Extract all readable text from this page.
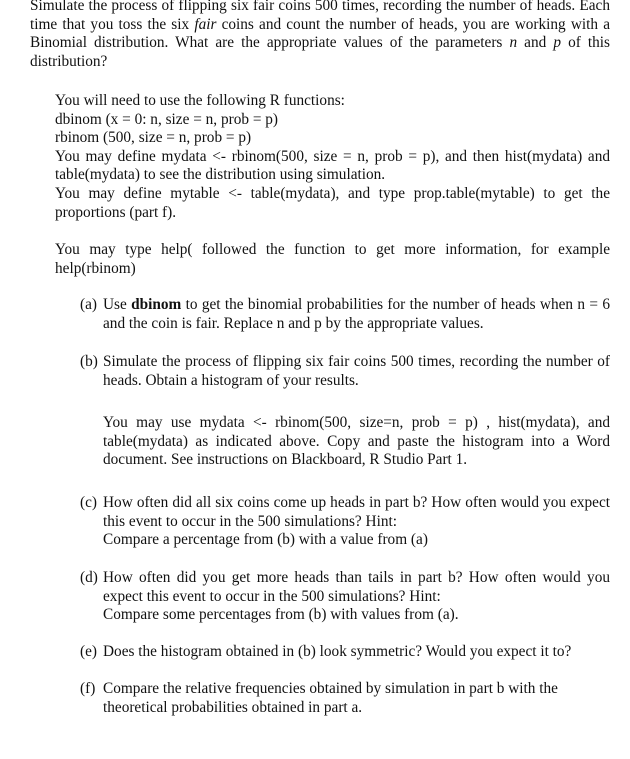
Simulate the process of flipping six fair coins 500 times, recording the number of heads. Each time that you toss the six fair coins and count the number of heads, you are working with a Binomial distribution. What are the appropriate values of the parameters n and p of this distribution?

You will need to use the following R functions:

dbinom (x = 0: n, size = n, prob = p)

rbinom (500, size = n, prob = p)

You may define mydata <- rbinom(500, size = n, prob = p), and then hist(mydata) and table(mydata) to see the distribution using simulation.

You may define mytable <- table(mydata), and type prop.table(mytable) to get the proportions (part f).

You may type help( followed the function to get more information, for example help(rbinom)
(a) Use dbinom to get the binomial probabilities for the number of heads when n = 6 and the coin is fair. Replace n and p by the appropriate values.
(b) Simulate the process of flipping six fair coins 500 times, recording the number of heads. Obtain a histogram of your results.
You may use mydata <- rbinom(500, size=n, prob = p) , hist(mydata), and table(mydata) as indicated above. Copy and paste the histogram into a Word document. See instructions on Blackboard, R Studio Part 1.
(c) How often did all six coins come up heads in part b? How often would you expect this event to occur in the 500 simulations? Hint:
Compare a percentage from (b) with a value from (a)
(d) How often did you get more heads than tails in part b? How often would you expect this event to occur in the 500 simulations? Hint:
Compare some percentages from (b) with values from (a).
(e) Does the histogram obtained in (b) look symmetric? Would you expect it to?
(f) Compare the relative frequencies obtained by simulation in part b with the theoretical probabilities obtained in part a.
